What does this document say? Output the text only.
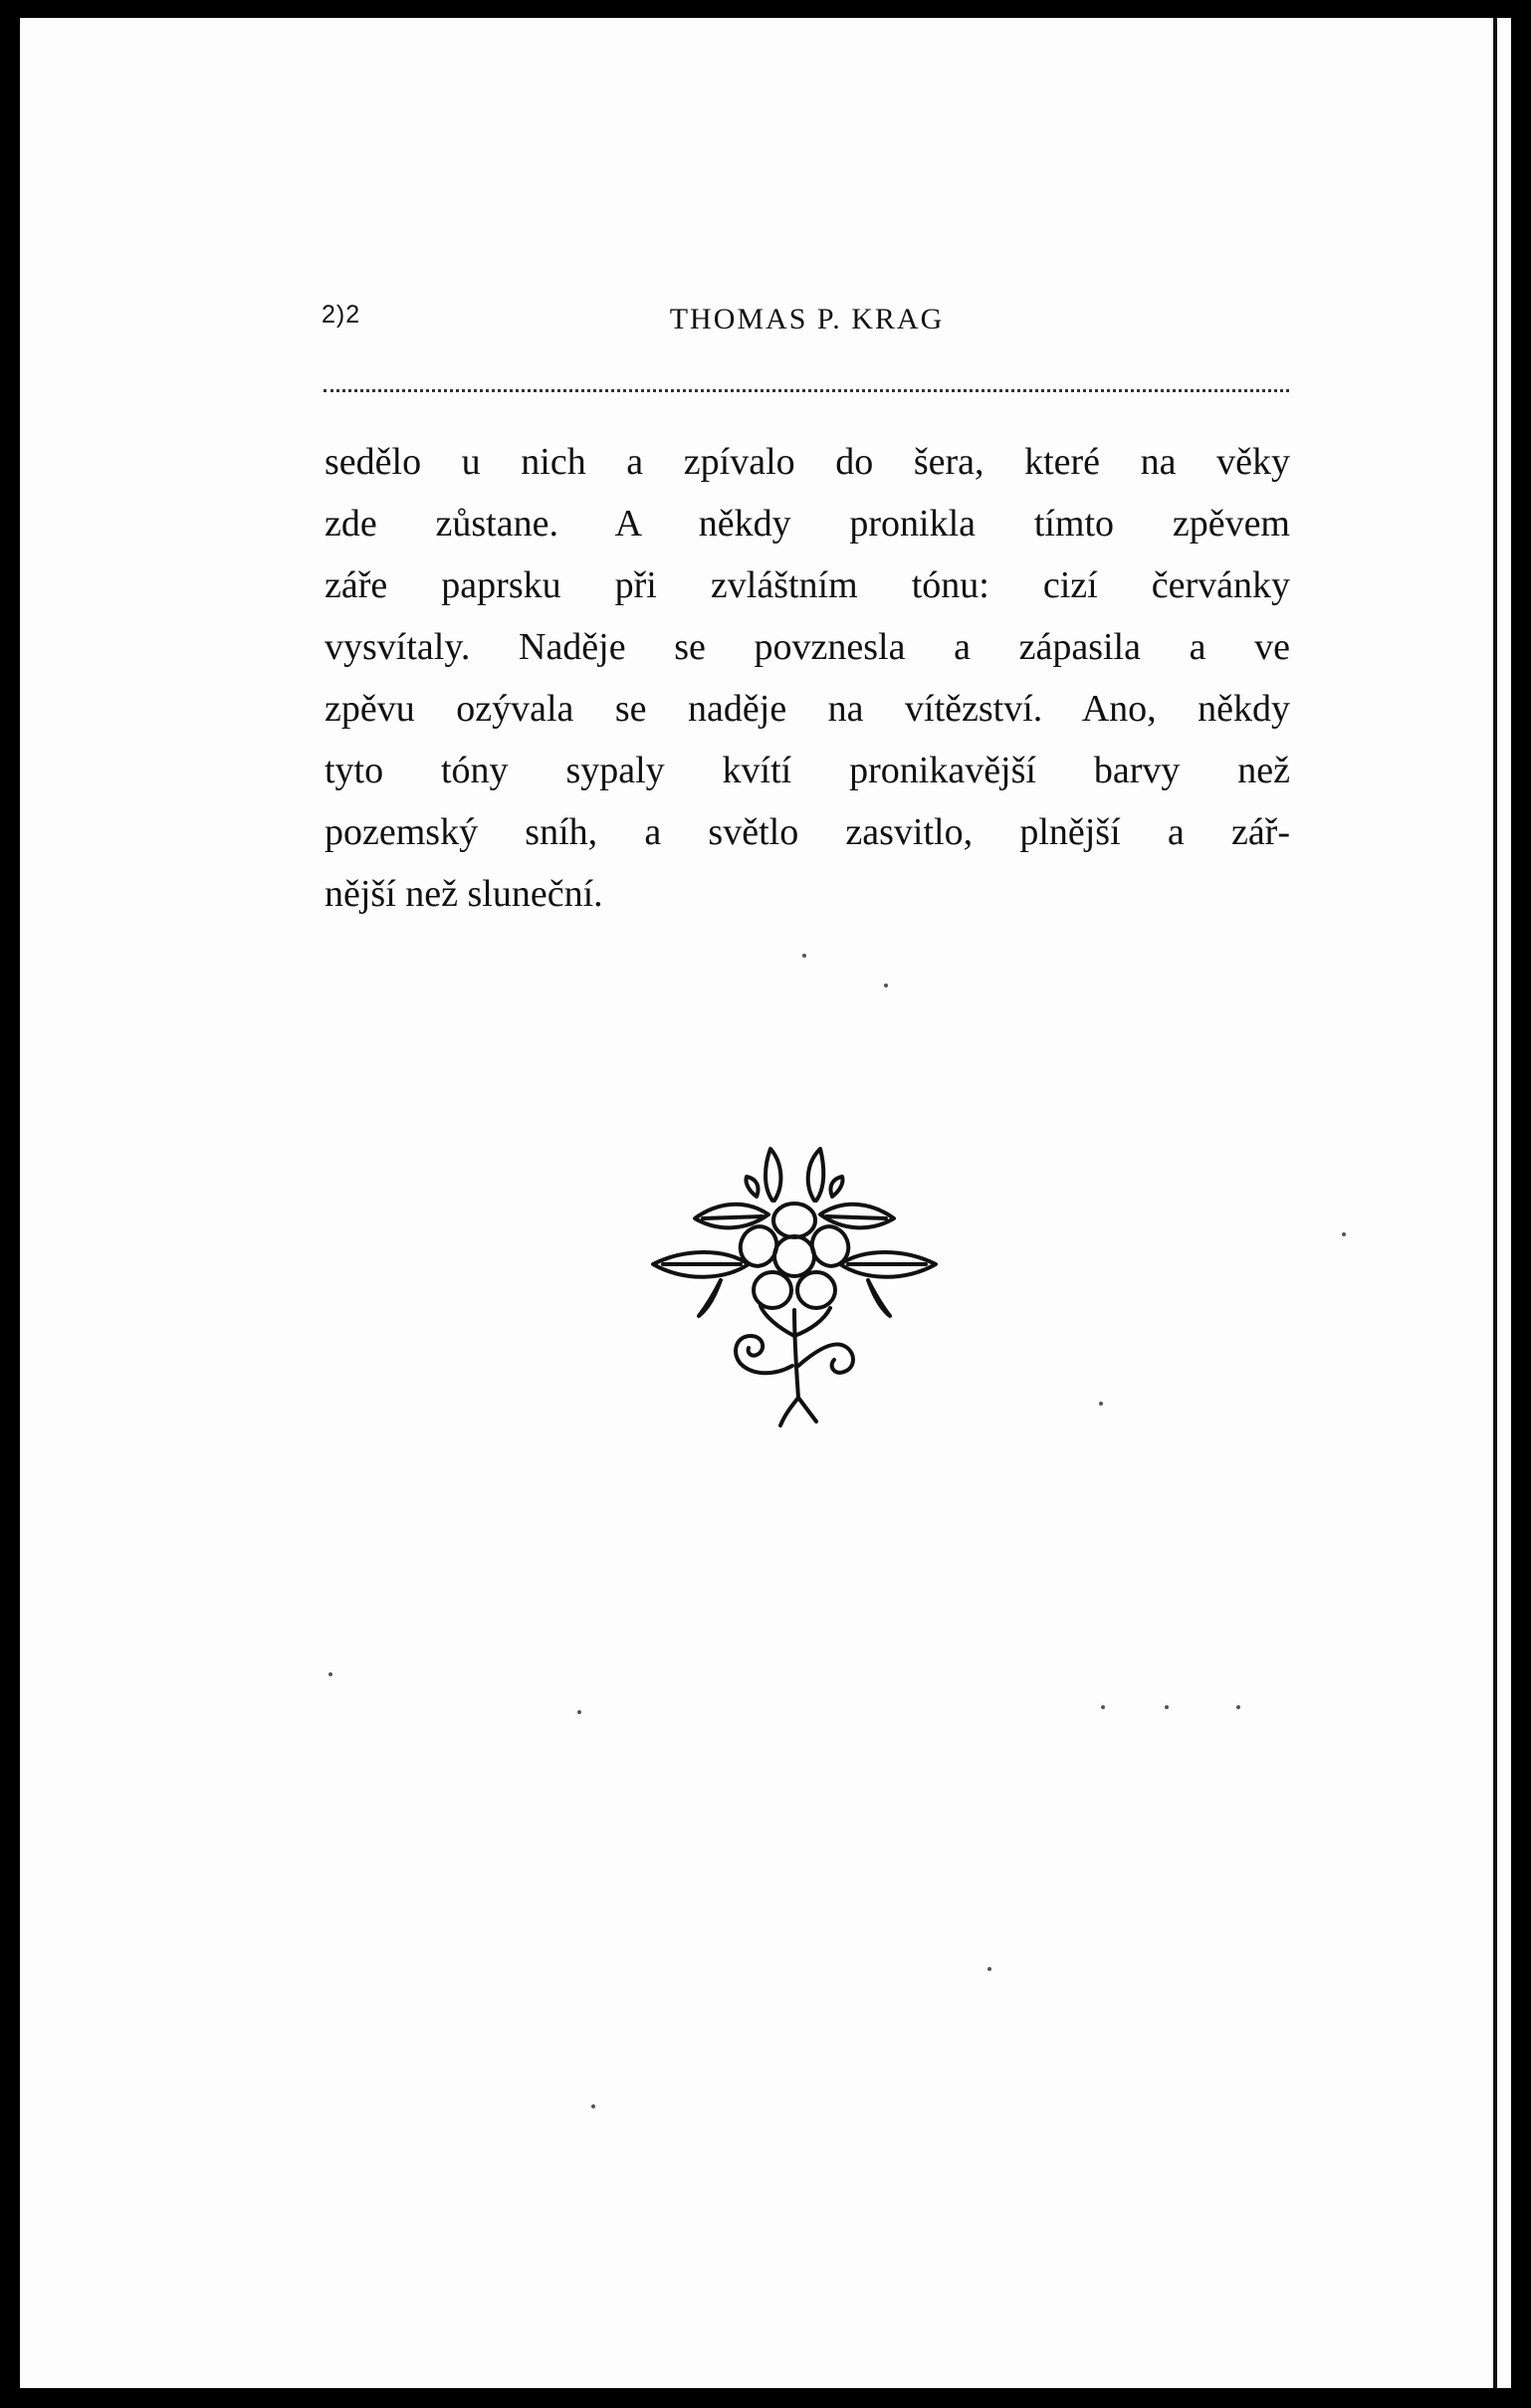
2)2	THOMAS P. KRAG
sedělo u nich a zpívalo do šera, které na věky
zde zůstane. A někdy pronikla tímto zpěvem
záře paprsku při zvláštním tónu: cizí červánky
vysvítaly. Naděje se povznesla a zápasila a ve
zpěvu ozývala se naděje na vítězství. Ano, někdy
tyto tóny sypaly kvítí pronikavější barvy než
pozemský sníh, a světlo zasvitlo, plnější a zář-
nější než sluneční.
